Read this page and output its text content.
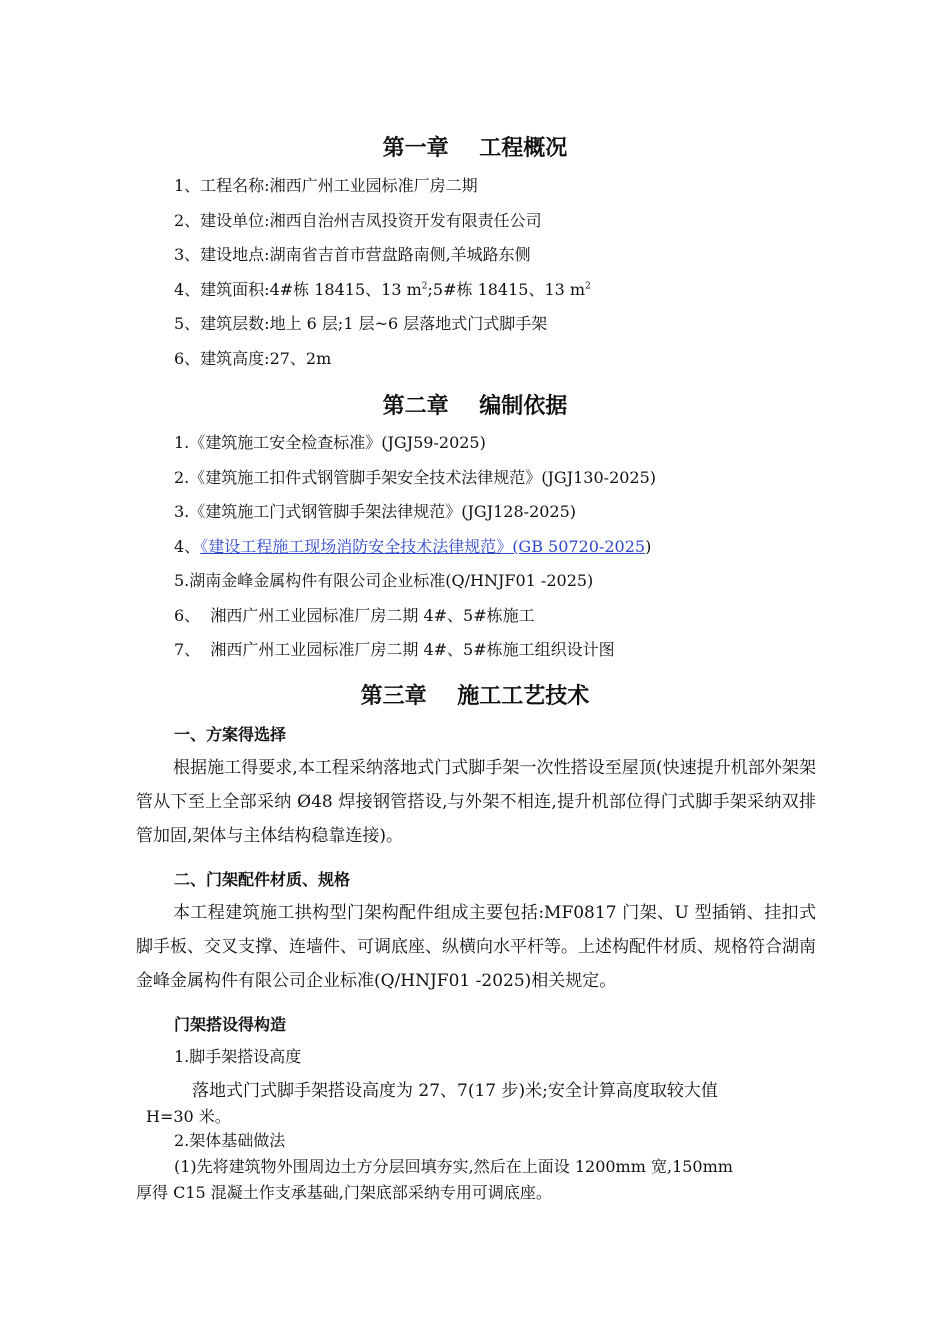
第一章    工程概况
1、工程名称:湘西广州工业园标准厂房二期
2、建设单位:湘西自治州吉凤投资开发有限责任公司
3、建设地点:湖南省吉首市营盘路南侧,羊城路东侧
4、建筑面积:4#栋 18415、13 $m^2;5\#$栋 18415、13 $m^2$
5、建筑层数:地上 6 层;1 层~6 层落地式门式脚手架
6、建筑高度:27、2m
第二章    编制依据
1.《建筑施工安全检查标准》(JGJ59-2025)
2.《建筑施工扣件式钢管脚手架安全技术法律规范》(JGJ130-2025)
3.《建筑施工门式钢管脚手架法律规范》(JGJ128-2025)
4、《建设工程施工现场消防安全技术法律规范》(GB 50720-2025)
5.湖南金峰金属构件有限公司企业标准(Q/HNJF01 -2025)
6、  湘西广州工业园标准厂房二期 4#、5#栋施工
7、  湘西广州工业园标准厂房二期 4#、5#栋施工组织设计图
第三章    施工工艺技术
一、方案得选择
根据施工得要求,本工程采纳落地式门式脚手架一次性搭设至屋顶(快速提升机部外架架管从下至上全部采纳 Ø48 焊接钢管搭设,与外架不相连,提升机部位得门式脚手架采纳双排管加固,架体与主体结构稳靠连接)。
二、门架配件材质、规格
本工程建筑施工拱构型门架构配件组成主要包括:MF0817 门架、U 型插销、挂扣式脚手板、交叉支撑、连墙件、可调底座、纵横向水平杆等。上述构配件材质、规格符合湖南金峰金属构件有限公司企业标准(Q/HNJF01 -2025)相关规定。
门架搭设得构造
1.脚手架搭设高度
落地式门式脚手架搭设高度为 27、7(17 步)米;安全计算高度取较大值
H=30 米。
2.架体基础做法
(1)先将建筑物外围周边土方分层回填夯实,然后在上面设 1200mm 宽,150mm
厚得 C15 混凝土作支承基础,门架底部采纳专用可调底座。
